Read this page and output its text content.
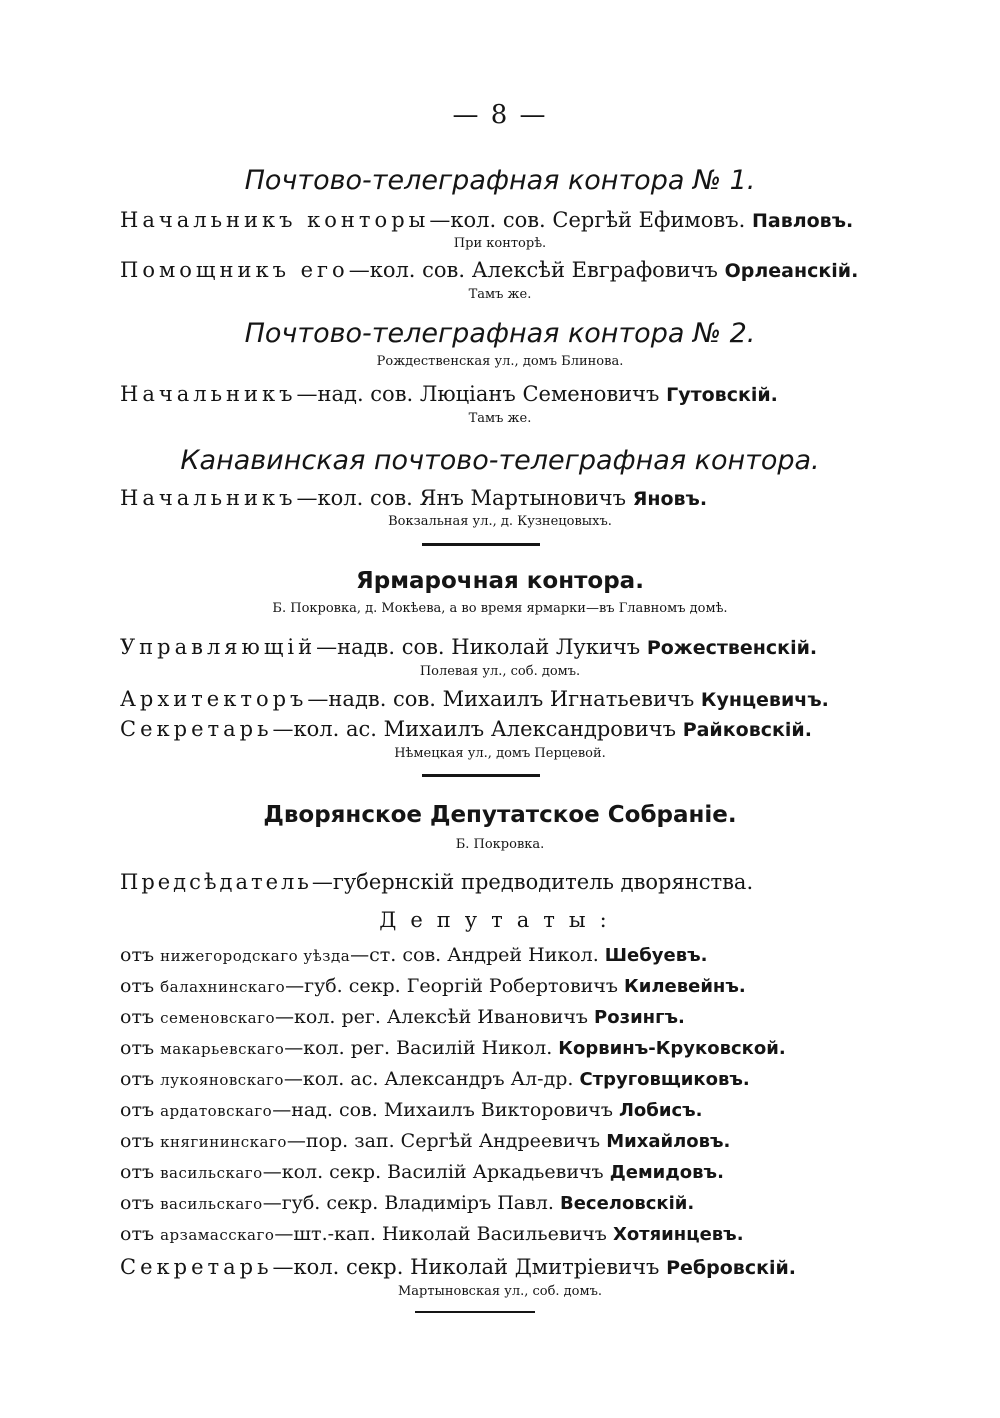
— 8 —
Почтово-телеграфная контора № 1.
Начальникъ конторы—кол. сов. Сергѣй Ефимовъ. Павловъ.
При конторѣ.
Помощникъ его—кол. сов. Алексѣй Евграфовичъ Орлеанскій.
Тамъ же.
Почтово-телеграфная контора № 2.
Рождественская ул., домъ Блинова.
Начальникъ—над. сов. Люціанъ Семеновичъ Гутовскій.
Тамъ же.
Канавинская почтово-телеграфная контора.
Начальникъ—кол. сов. Янъ Мартыновичъ Яновъ.
Вокзальная ул., д. Кузнецовыхъ.
Ярмарочная контора.
Б. Покровка, д. Мокѣева, а во время ярмарки—въ Главномъ домѣ.
Управляющій—надв. сов. Николай Лукичъ Рожественскій.
Полевая ул., соб. домъ.
Архитекторъ—надв. сов. Михаилъ Игнатьевичъ Кунцевичъ.
Секретарь—кол. ас. Михаилъ Александровичъ Райковскій.
Нѣмецкая ул., домъ Перцевой.
Дворянское Депутатское Собраніе.
Б. Покровка.
Предсѣдатель—губернскій предводитель дворянства.
Депутаты:
отъ нижегородскаго уѣзда—ст. сов. Андрей Никол. Шебуевъ.
отъ балахнинскаго—губ. секр. Георгій Робертовичъ Килевейнъ.
отъ семеновскаго—кол. рег. Алексѣй Ивановичъ Розингъ.
отъ макарьевскаго—кол. рег. Василій Никол. Корвинъ-Круковской.
отъ лукояновскаго—кол. ас. Александръ Ал-др. Струговщиковъ.
отъ ардатовскаго—над. сов. Михаилъ Викторовичъ Лобисъ.
отъ княгининскаго—пор. зап. Сергѣй Андреевичъ Михайловъ.
отъ васильскаго—кол. секр. Василій Аркадьевичъ Демидовъ.
отъ васильскаго—губ. секр. Владиміръ Павл. Веселовскій.
отъ арзамасскаго—шт.-кап. Николай Васильевичъ Хотяинцевъ.
Секретарь—кол. секр. Николай Дмитріевичъ Ребровскій.
Мартыновская ул., соб. домъ.
